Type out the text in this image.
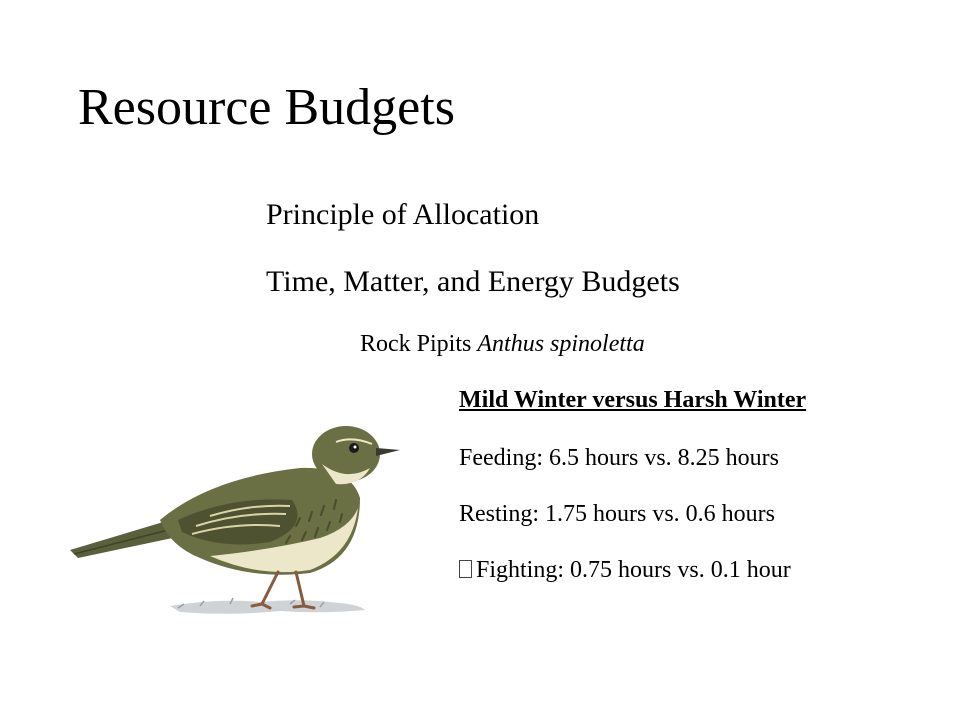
Resource Budgets
Principle of Allocation
Time, Matter, and Energy Budgets
Rock Pipits Anthus spinoletta
Mild Winter versus Harsh Winter
Feeding: 6.5 hours vs. 8.25 hours
Resting: 1.75 hours vs. 0.6 hours
Fighting: 0.75 hours vs. 0.1 hour
